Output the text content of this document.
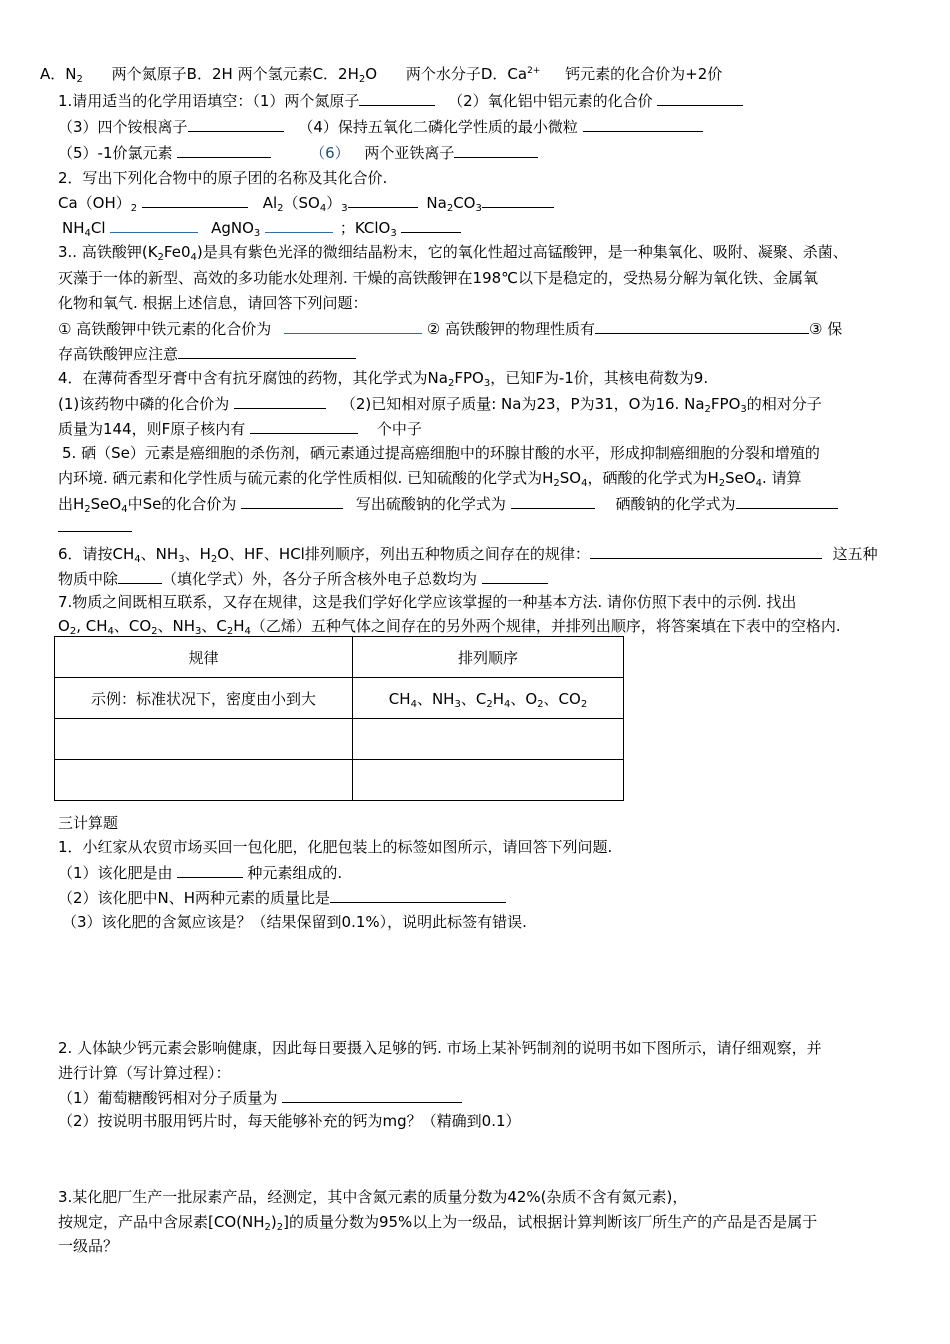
A．$N_2$ 两个氮原子B．2H 两个氢元素C．$2H_2O$ 两个水分子D．$Ca^{2+}$ 钙元素的化合价为+2价
1.请用适当的化学用语填空：（1）两个氮原子	（2）氧化铝中铝元素的化合价
（3）四个铵根离子	（4）保持五氧化二磷化学性质的最小微粒
（5）-1价氯元素	（6） 两个亚铁离子
2．写出下列化合物中的原子团的名称及其化合价.
$Ca(OH)_2$	$Al_2(SO_4)_3$	$Na_2CO_3$
$NH_4Cl$	AgNO$_3$	；KClO$_3$
3.. 高铁酸钾$(K_2Fe0_4)$是具有紫色光泽的微细结晶粉末，它的氧化性超过高锰酸钾，是一种集氧化、吸附、凝聚、杀菌、
灭藻于一体的新型、高效的多功能水处理剂. 干燥的高铁酸钾在198℃以下是稳定的，受热易分解为氧化铁、金属氧
化物和氧气. 根据上述信息，请回答下列问题：
① 高铁酸钾中铁元素的化合价为	② 高铁酸钾的物理性质有	③ 保
存高铁酸钾应注意
4．在薄荷香型牙膏中含有抗牙腐蚀的药物，其化学式为$Na_2FPO_3$，已知F为-1价，其核电荷数为9.
(1)该药物中磷的化合价为	（2)已知相对原子质量: Na为23，P为31，O为16. $Na_2FPO_3$的相对分子
质量为144，则F原子核内有	个中子
5. 硒（Se）元素是癌细胞的杀伤剂，硒元素通过提高癌细胞中的环腺甘酸的水平，形成抑制癌细胞的分裂和增殖的
内环境. 硒元素和化学性质与硫元素的化学性质相似. 已知硫酸的化学式为$H_2SO_4$，硒酸的化学式为$H_2SeO_4$. 请算
出$H_2SeO_4$中Se的化合价为	写出硫酸钠的化学式为	硒酸钠的化学式为
6．请按$CH_4$、$NH_3$、$H_2O$、HF、HCl排列顺序，列出五种物质之间存在的规律：	这五种
物质中除	（填化学式）外，各分子所含核外电子总数均为
7.物质之间既相互联系，又存在规律，这是我们学好化学应该掌握的一种基本方法. 请你仿照下表中的示例. 找出
$O_2$, $CH_4$、$CO_2$、$NH_3$、$C_2H_4$（乙烯）五种气体之间存在的另外两个规律，并排列出顺序，将答案填在下表中的空格内.
规律	排列顺序
示例：标准状况下，密度由小到大	$CH_4$、$NH_3$、$C_2H_4$、$O_2$、$CO_2$

三计算题
1．小红家从农贸市场买回一包化肥，化肥包装上的标签如图所示，请回答下列问题.
（1）该化肥是由	种元素组成的.
（2）该化肥中N、H两种元素的质量比是
（3）该化肥的含氮应该是？（结果保留到0.1%），说明此标签有错误.
2. 人体缺少钙元素会影响健康，因此每日要摄入足够的钙. 市场上某补钙制剂的说明书如下图所示，请仔细观察，并
进行计算（写计算过程）：
（1）葡萄糖酸钙相对分子质量为
（2）按说明书服用钙片时，每天能够补充的钙为mg？（精确到0.1）
3.某化肥厂生产一批尿素产品，经测定，其中含氮元素的质量分数为42%(杂质不含有氮元素)，
按规定，产品中含尿素$[CO(NH_2)_2]$的质量分数为95%以上为一级品，试根据计算判断该厂所生产的产品是否是属于
一级品？
